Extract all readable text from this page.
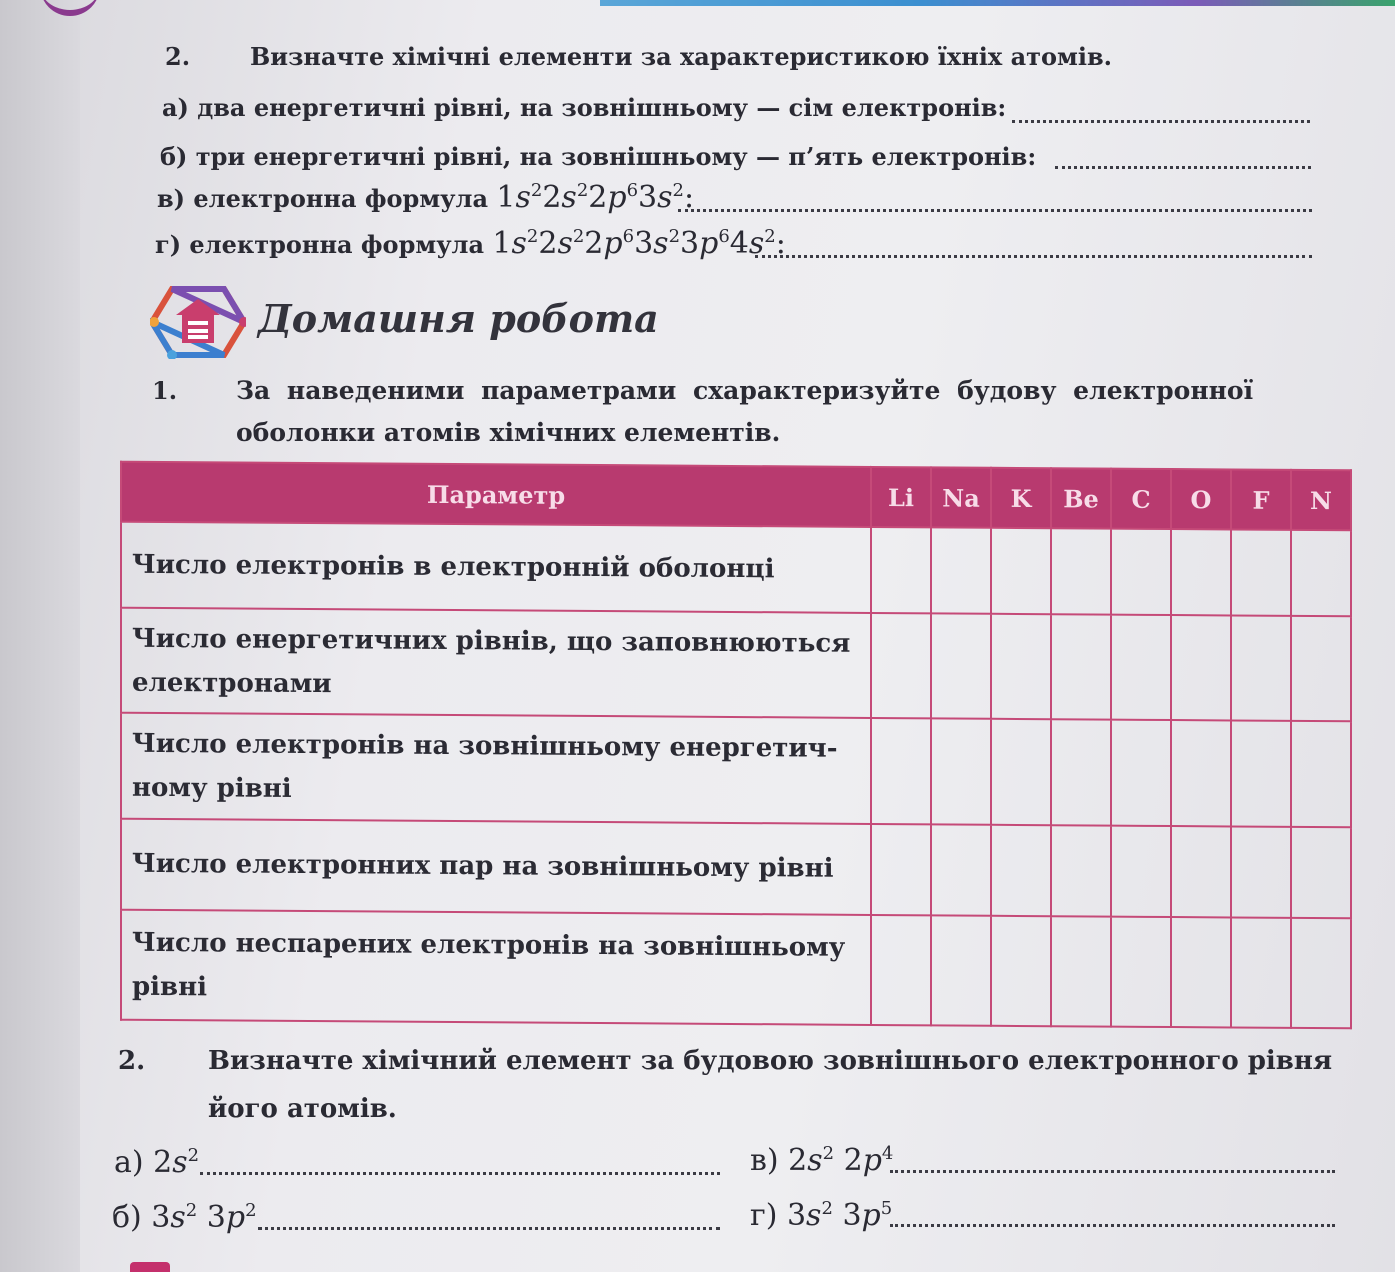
2. Визначте хімічні елементи за характеристикою їхніх атомів.
а) два енергетичні рівні, на зовнішньому — сім електронів:
б) три енергетичні рівні, на зовнішньому — п’ять електронів:
в) електронна формула $1s^22s^22p^63s^2$:
г) електронна формула $1s^22s^22p^63s^23p^64s^2$:
Домашня робота
1. За наведеними параметрами схарактеризуйте будову електронної
оболонки атомів хімічних елементів.
Параметр	Li	Na	K	Be	C	O	F	N
Число електронів в електронній оболонці								
Число енергетичних рівнів, що заповнюються
електронами								
Число електронів на зовнішньому енергетич-
ному рівні								
Число електронних пар на зовнішньому рівні								
Число неспарених електронів на зовнішньому
рівні								
2. Визначте хімічний елемент за будовою зовнішнього електронного рівня
його атомів.
а) $2s^2$
б) $3s^2$ $3p^2$
в) $2s^2$ $2p^4$
г) $3s^2$ $3p^5$
